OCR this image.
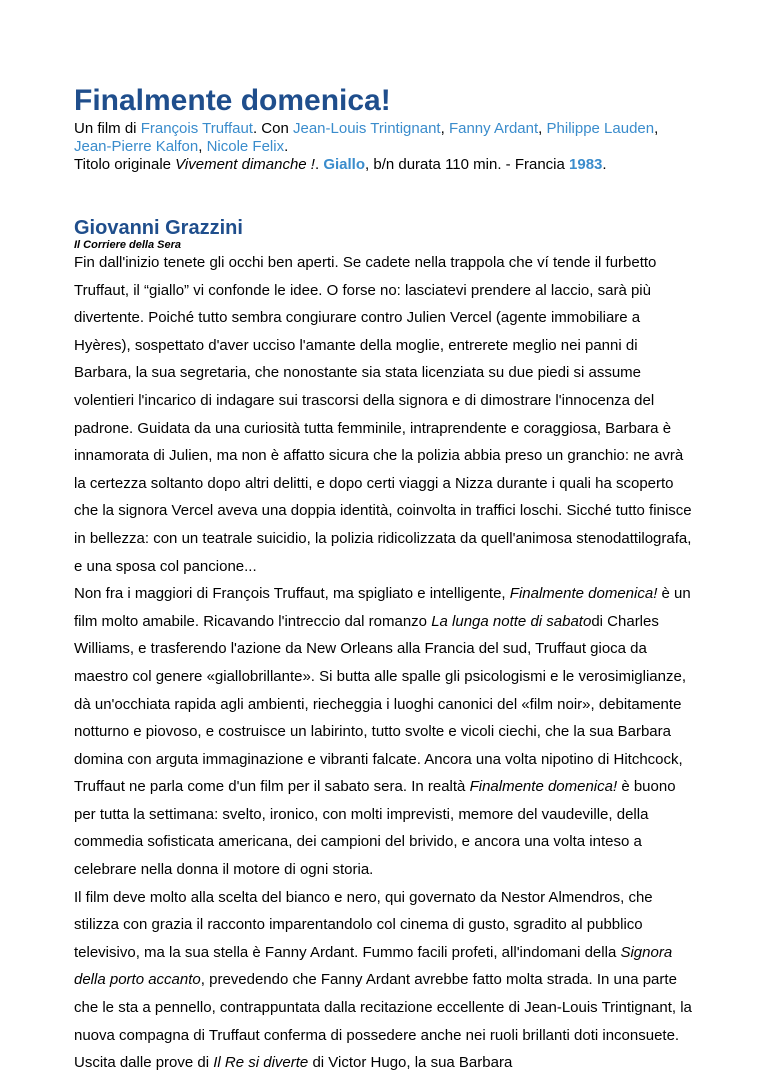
Finalmente domenica!
Un film di François Truffaut. Con Jean-Louis Trintignant, Fanny Ardant, Philippe Lauden, Jean-Pierre Kalfon, Nicole Felix.
Titolo originale Vivement dimanche !. Giallo, b/n durata 110 min. - Francia 1983.
Giovanni Grazzini
Il Corriere della Sera

Fin dall'inizio tenete gli occhi ben aperti. Se cadete nella trappola che ví tende il furbetto Truffaut, il “giallo” vi confonde le idee. O forse no: lasciatevi prendere al laccio, sarà più divertente. Poiché tutto sembra congiurare contro Julien Vercel (agente immobiliare a Hyères), sospettato d'aver ucciso l'amante della moglie, entrerete meglio nei panni di Barbara, la sua segretaria, che nonostante sia stata licenziata su due piedi si assume volentieri l'incarico di indagare sui trascorsi della signora e di dimostrare l'innocenza del padrone. Guidata da una curiosità tutta femminile, intraprendente e coraggiosa, Barbara è innamorata di Julien, ma non è affatto sicura che la polizia abbia preso un granchio: ne avrà la certezza soltanto dopo altri delitti, e dopo certi viaggi a Nizza durante i quali ha scoperto che la signora Vercel aveva una doppia identità, coinvolta in traffici loschi. Sicché tutto finisce in bellezza: con un teatrale suicidio, la polizia ridicolizzata da quell'animosa stenodattilografa, e una sposa col pancione...

Non fra i maggiori di François Truffaut, ma spigliato e intelligente, Finalmente domenica! è un film molto amabile. Ricavando l'intreccio dal romanzo La lunga notte di sabatodi Charles Williams, e trasferendo l'azione da New Orleans alla Francia del sud, Truffaut gioca da maestro col genere «giallobrillante». Si butta alle spalle gli psicologismi e le verosimiglianze, dà un'occhiata rapida agli ambienti, riecheggia i luoghi canonici del «film noir», debitamente notturno e piovoso, e costruisce un labirinto, tutto svolte e vicoli ciechi, che la sua Barbara domina con arguta immaginazione e vibranti falcate. Ancora una volta nipotino di Hitchcock, Truffaut ne parla come d'un film per il sabato sera. In realtà Finalmente domenica! è buono per tutta la settimana: svelto, ironico, con molti imprevisti, memore del vaudeville, della commedia sofisticata americana, dei campioni del brivido, e ancora una volta inteso a celebrare nella donna il motore di ogni storia.

Il film deve molto alla scelta del bianco e nero, qui governato da Nestor Almendros, che stilizza con grazia il racconto imparentandolo col cinema di gusto, sgradito al pubblico televisivo, ma la sua stella è Fanny Ardant. Fummo facili profeti, all'indomani della Signora della porto accanto, prevedendo che Fanny Ardant avrebbe fatto molta strada. In una parte che le sta a pennello, contrappuntata dalla recitazione eccellente di Jean-Louis Trintignant, la nuova compagna di Truffaut conferma di possedere anche nei ruoli brillanti doti inconsuete. Uscita dalle prove di Il Re si diverte di Victor Hugo, la sua Barbara
